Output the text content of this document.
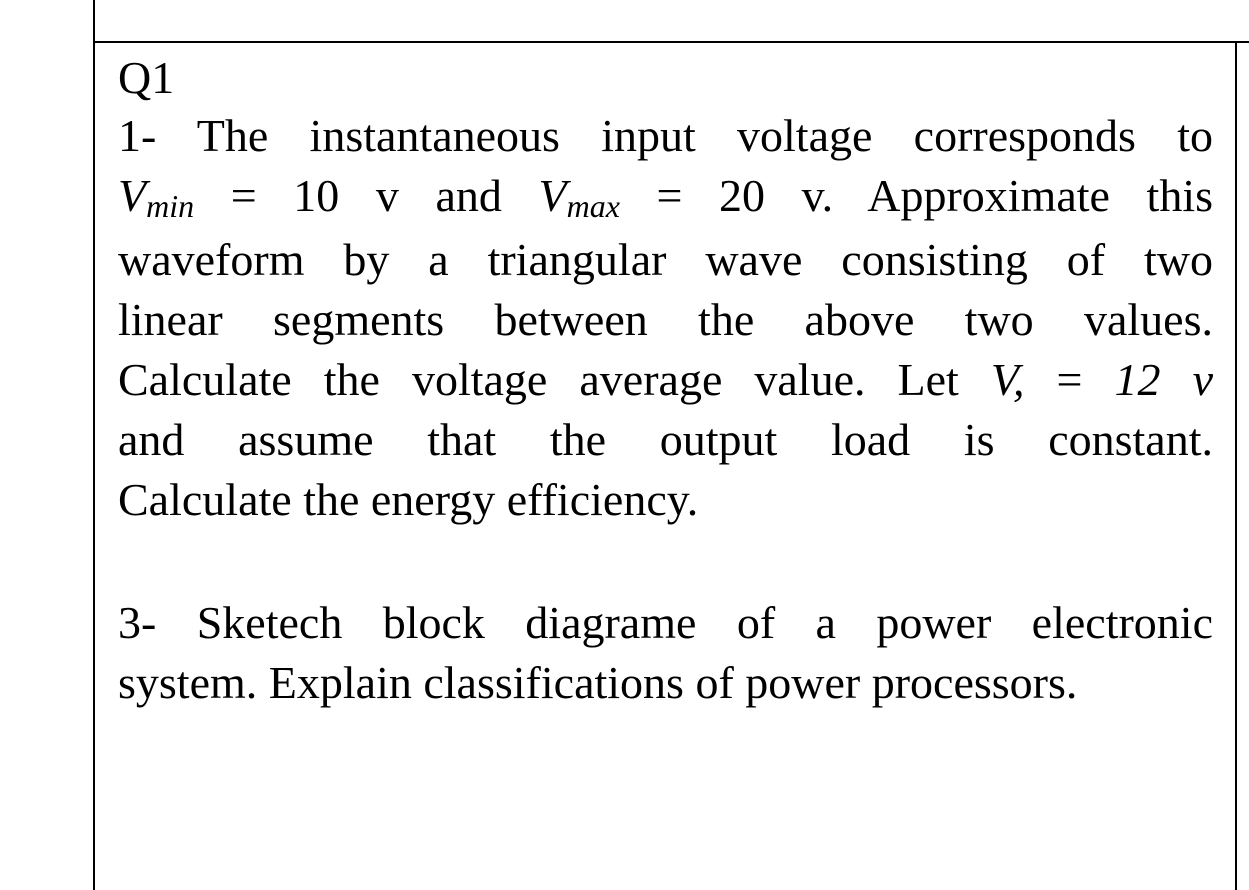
Q1

1- The instantaneous input voltage corresponds to

Vmin = 10 v and Vmax = 20 v. Approximate this

waveform by a triangular wave consisting of two

linear segments between the above two values.

Calculate the voltage average value. Let V, = 12 v

and assume that the output load is constant.

Calculate the energy efficiency.

3- Sketech block diagrame of a power electronic

system. Explain classifications of power processors.
